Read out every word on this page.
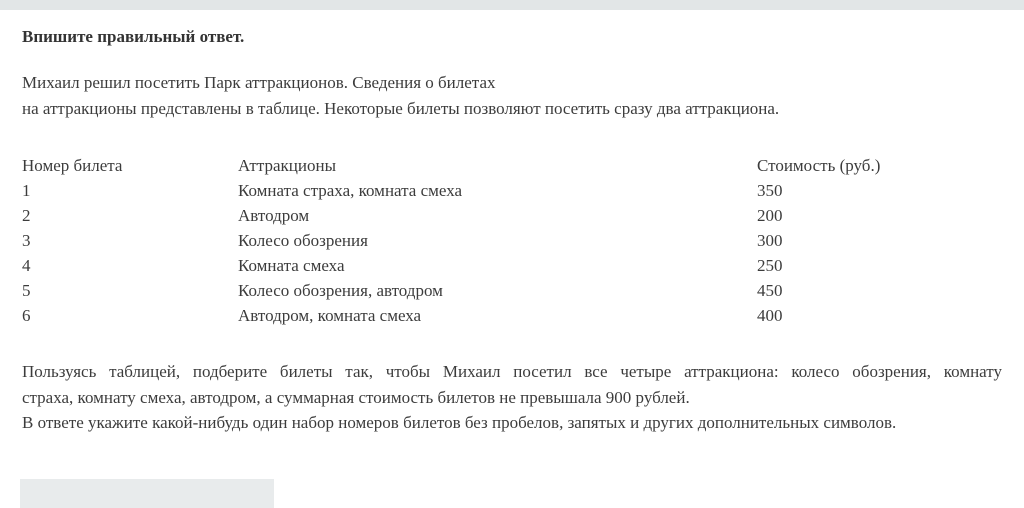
Впишите правильный ответ.
Михаил решил посетить Парк аттракционов. Сведения о билетах
на аттракционы представлены в таблице. Некоторые билеты позволяют посетить сразу два аттракциона.
Номер билета	Аттракционы	Стоимость (руб.)
1	Комната страха, комната смеха	350
2	Автодром	200
3	Колесо обозрения	300
4	Комната смеха	250
5	Колесо обозрения, автодром	450
6	Автодром, комната смеха	400
Пользуясь таблицей, подберите билеты так, чтобы Михаил посетил все четыре аттракциона: колесо обозрения, комнату
страха, комнату смеха, автодром, а суммарная стоимость билетов не превышала 900 рублей.
В ответе укажите какой-нибудь один набор номеров билетов без пробелов, запятых и других дополнительных символов.
